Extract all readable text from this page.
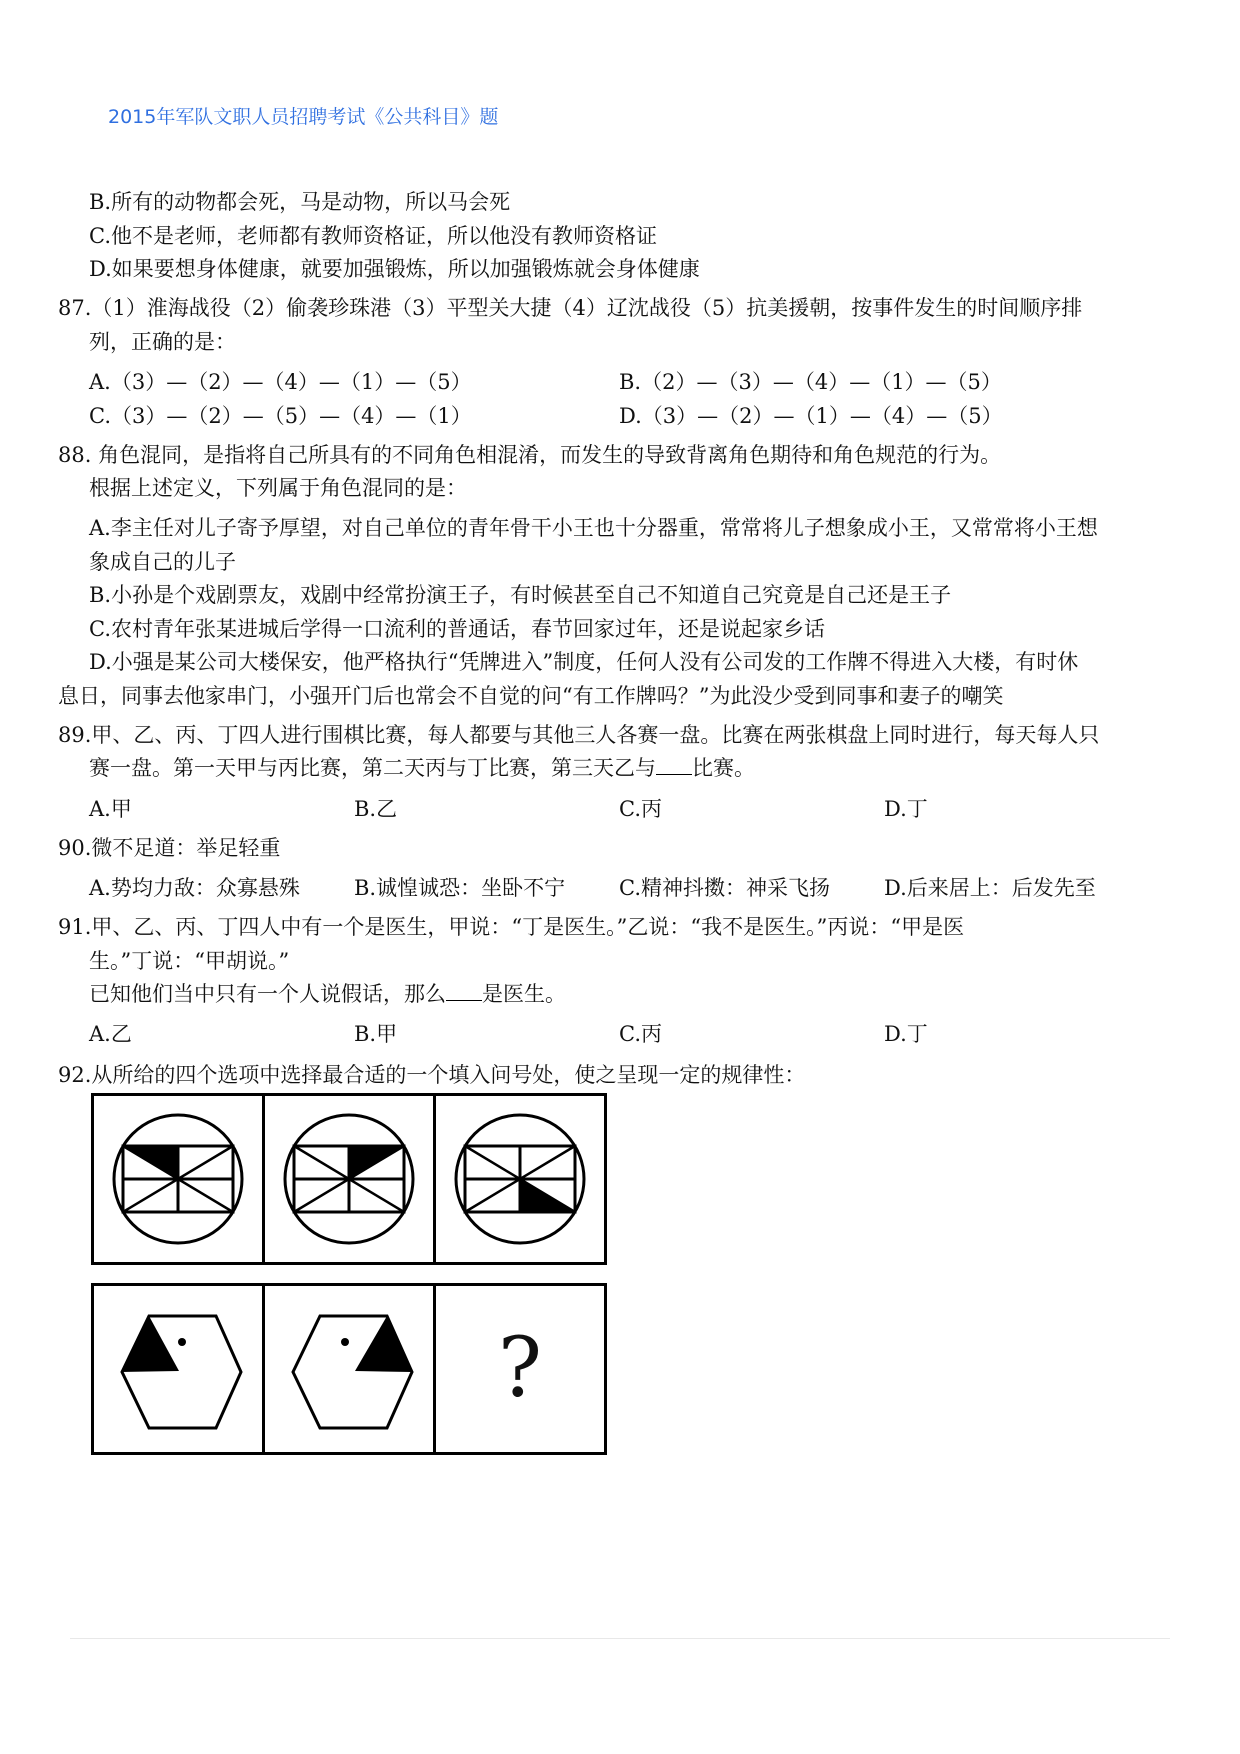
2015年军队文职人员招聘考试《公共科目》题
B.所有的动物都会死，马是动物，所以马会死
C.他不是老师，老师都有教师资格证，所以他没有教师资格证
D.如果要想身体健康，就要加强锻炼，所以加强锻炼就会身体健康
87.（1）淮海战役（2）偷袭珍珠港（3）平型关大捷（4）辽沈战役（5）抗美援朝，按事件发生的时间顺序排
列，正确的是：
A.（3）—（2）—（4）—（1）—（5）	B.（2）—（3）—（4）—（1）—（5）
C.（3）—（2）—（5）—（4）—（1）	D.（3）—（2）—（1）—（4）—（5）
88. 角色混同，是指将自己所具有的不同角色相混淆，而发生的导致背离角色期待和角色规范的行为。
根据上述定义，下列属于角色混同的是：
A.李主任对儿子寄予厚望，对自己单位的青年骨干小王也十分器重，常常将儿子想象成小王，又常常将小王想
象成自己的儿子
B.小孙是个戏剧票友，戏剧中经常扮演王子，有时候甚至自己不知道自己究竟是自己还是王子
C.农村青年张某进城后学得一口流利的普通话，春节回家过年，还是说起家乡话
D.小强是某公司大楼保安，他严格执行“凭牌进入”制度，任何人没有公司发的工作牌不得进入大楼，有时休
息日，同事去他家串门，小强开门后也常会不自觉的问“有工作牌吗？”为此没少受到同事和妻子的嘲笑
89.甲、乙、丙、丁四人进行围棋比赛，每人都要与其他三人各赛一盘。比赛在两张棋盘上同时进行，每天每人只
赛一盘。第一天甲与丙比赛，第二天丙与丁比赛，第三天乙与 比赛。
A.甲	B.乙	C.丙	D.丁
90.微不足道：举足轻重
A.势均力敌：众寡悬殊	B.诚惶诚恐：坐卧不宁	C.精神抖擞：神采飞扬	D.后来居上：后发先至
91.甲、乙、丙、丁四人中有一个是医生，甲说：“丁是医生。”乙说：“我不是医生。”丙说：“甲是医
生。”丁说：“甲胡说。”
已知他们当中只有一个人说假话，那么 是医生。
A.乙	B.甲	C.丙	D.丁
92.从所给的四个选项中选择最合适的一个填入问号处，使之呈现一定的规律性：
?
